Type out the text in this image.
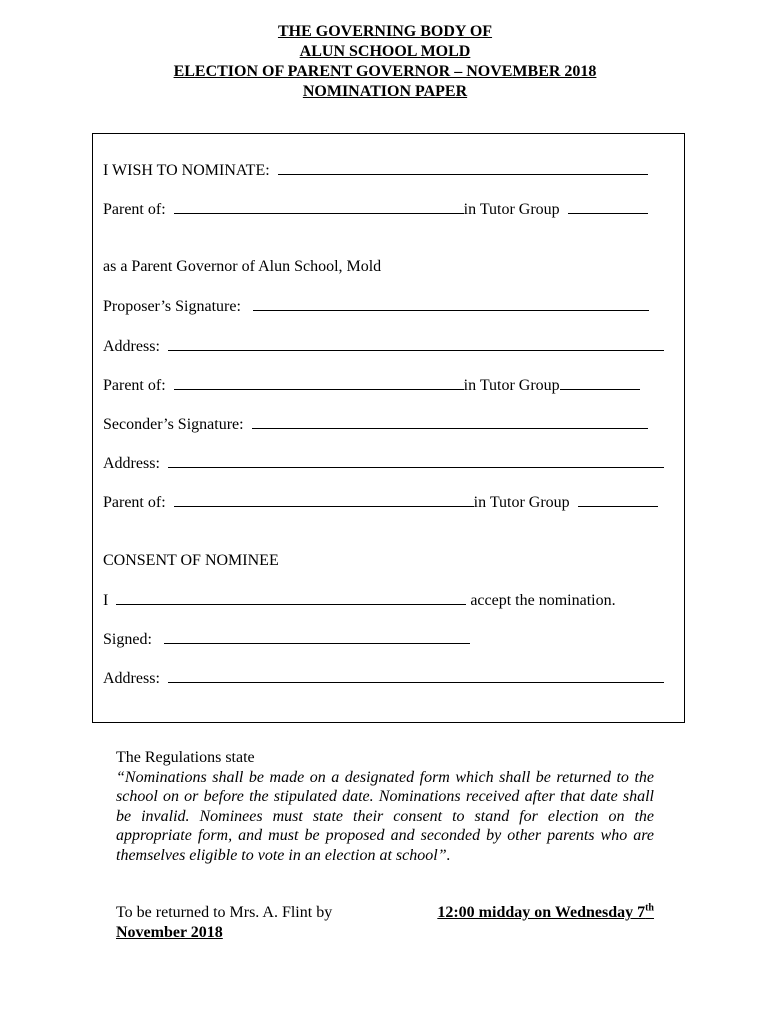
THE GOVERNING BODY OF
ALUN SCHOOL MOLD
ELECTION OF PARENT GOVERNOR – NOVEMBER 2018
NOMINATION PAPER
I WISH TO NOMINATE:
Parent of:	in Tutor Group
as a Parent Governor of Alun School, Mold
Proposer’s Signature:
Address:
Parent of:	in Tutor Group
Seconder’s Signature:
Address:
Parent of:	in Tutor Group
CONSENT OF NOMINEE
I	accept the nomination.
Signed:
Address:
The Regulations state
“Nominations shall be made on a designated form which shall be returned to the school on or before the stipulated date. Nominations received after that date shall be invalid. Nominees must state their consent to stand for election on the appropriate form, and must be proposed and seconded by other parents who are themselves eligible to vote in an election at school”.
To be returned to Mrs. A. Flint by	12:00 midday on Wednesday 7th
November 2018
